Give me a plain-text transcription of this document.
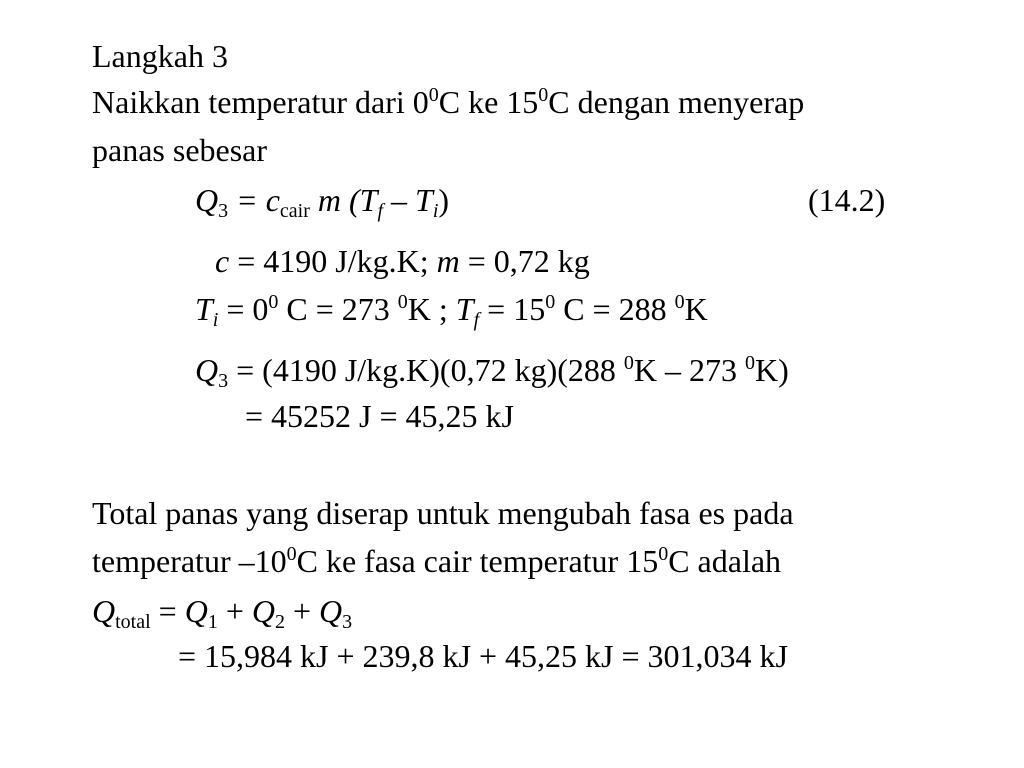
Langkah 3
Naikkan temperatur dari $0^0C$ ke $15^0C$ dengan menyerap
panas sebesar
$Q_3 = c_{cair}$ m $(T_f - T_i)$	(14.2)
c = 4190 J/kg.K; m = 0,72 kg
$T_i = 0^0$ C = 273 $^0$K ; $T_f = 15^0$ C = 288 $^0$K
$Q_3 = (4190$ J/kg.K)(0,72 kg)(288 $^0$K – 273 $^0$K)
= 45252 J = 45,25 kJ
Total panas yang diserap untuk mengubah fasa es pada
temperatur $-10^0C$ ke fasa cair temperatur $15^0C$ adalah
$Q_{total} = Q_1 + Q_2 + Q_3$
= 15,984 kJ + 239,8 kJ + 45,25 kJ = 301,034 kJ
